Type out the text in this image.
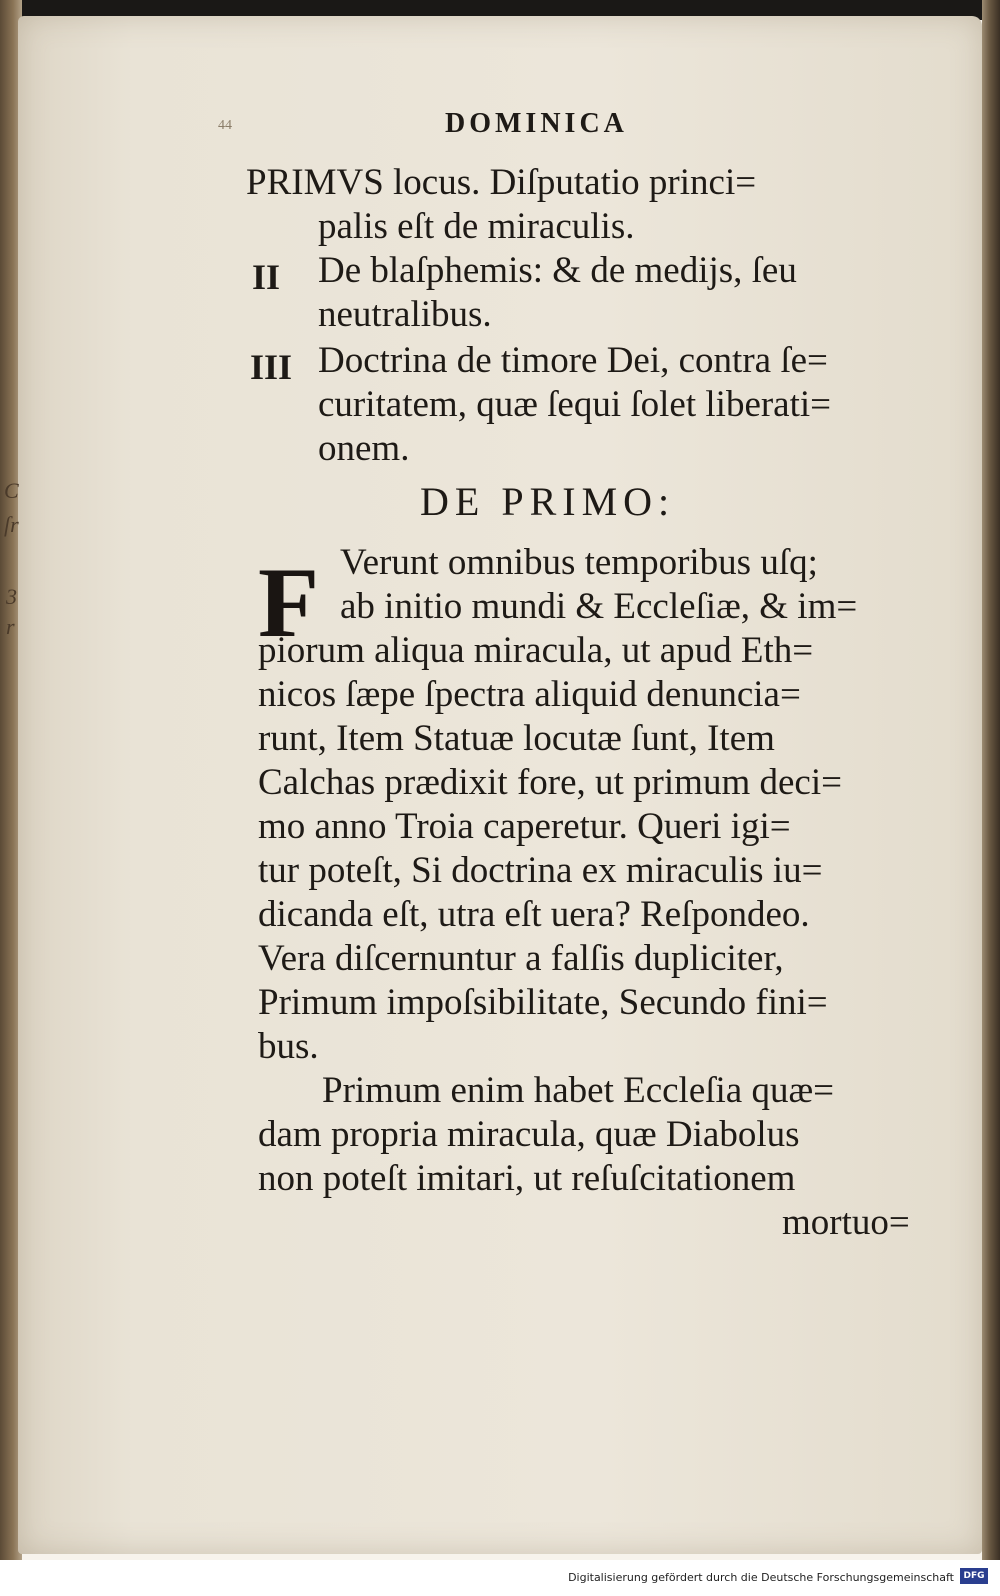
C
ſr
3
r
44	DOMINICA
PRIMVS locus. Diſputatio princi=
palis eſt de miraculis.
II De blaſphemis: & de medijs, ſeu
neutralibus.
III Doctrina de timore Dei, contra ſe=
curitatem, quæ ſequi ſolet liberati=
onem.
DE PRIMO:
F Verunt omnibus temporibus uſq;
ab initio mundi & Eccleſiæ, & im=
piorum aliqua miracula, ut apud Eth=
nicos ſæpe ſpectra aliquid denuncia=
runt, Item Statuæ locutæ ſunt, Item
Calchas prædixit fore, ut primum deci=
mo anno Troia caperetur. Queri igi=
tur poteſt, Si doctrina ex miraculis iu=
dicanda eſt, utra eſt uera? Reſpondeo.
Vera diſcernuntur a falſis dupliciter,
Primum impoſsibilitate, Secundo fini=
bus.
Primum enim habet Eccleſia quæ=
dam propria miracula, quæ Diabolus
non poteſt imitari, ut reſuſcitationem
mortuo=
Digitalisierung gefördert durch die Deutsche Forschungsgemeinschaft	DFG
